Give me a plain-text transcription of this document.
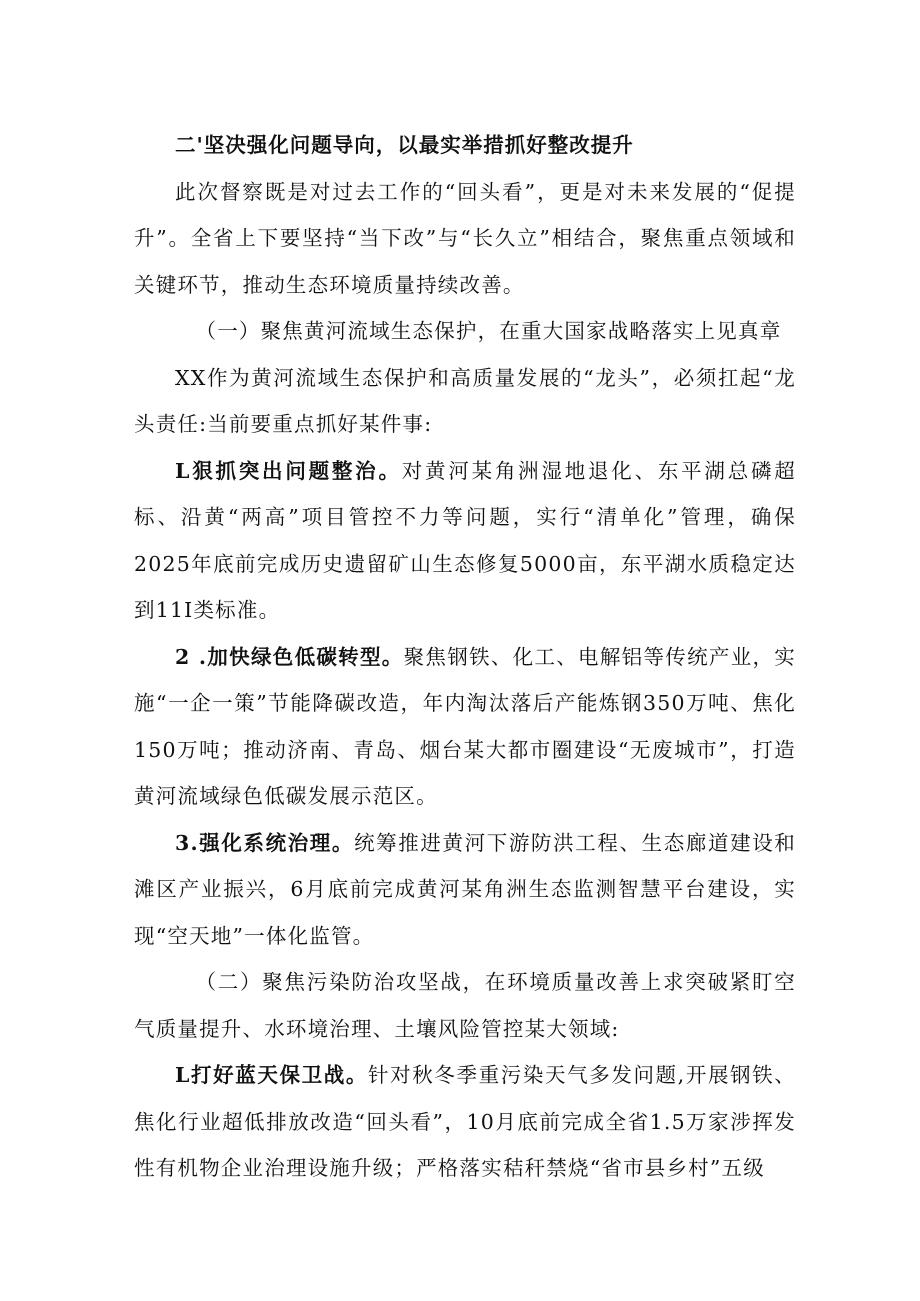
二'坚决强化问题导向，以最实举措抓好整改提升

此次督察既是对过去工作的“回头看”，更是对未来发展的“促提升”。全省上下要坚持“当下改”与“长久立”相结合，聚焦重点领域和关键环节，推动生态环境质量持续改善。

（一）聚焦黄河流域生态保护，在重大国家战略落实上见真章

XX作为黄河流域生态保护和高质量发展的“龙头”，必须扛起“龙头责任:当前要重点抓好某件事:

L狠抓突出问题整治。对黄河某角洲湿地退化、东平湖总磷超标、沿黄“两高”项目管控不力等问题，实行“清单化”管理，确保2025年底前完成历史遗留矿山生态修复5000亩，东平湖水质稳定达到11I类标准。

2 .加快绿色低碳转型。聚焦钢铁、化工、电解铝等传统产业，实施“一企一策”节能降碳改造，年内淘汰落后产能炼钢350万吨、焦化150万吨；推动济南、青岛、烟台某大都市圈建设“无废城市”，打造黄河流域绿色低碳发展示范区。

3.强化系统治理。统筹推进黄河下游防洪工程、生态廊道建设和滩区产业振兴，6月底前完成黄河某角洲生态监测智慧平台建设，实现“空天地”一体化监管。

（二）聚焦污染防治攻坚战，在环境质量改善上求突破紧盯空气质量提升、水环境治理、土壤风险管控某大领域:

L打好蓝天保卫战。针对秋冬季重污染天气多发问题,开展钢铁、焦化行业超低排放改造“回头看”，10月底前完成全省1.5万家涉挥发性有机物企业治理设施升级；严格落实秸秆禁烧“省市县乡村”五级
